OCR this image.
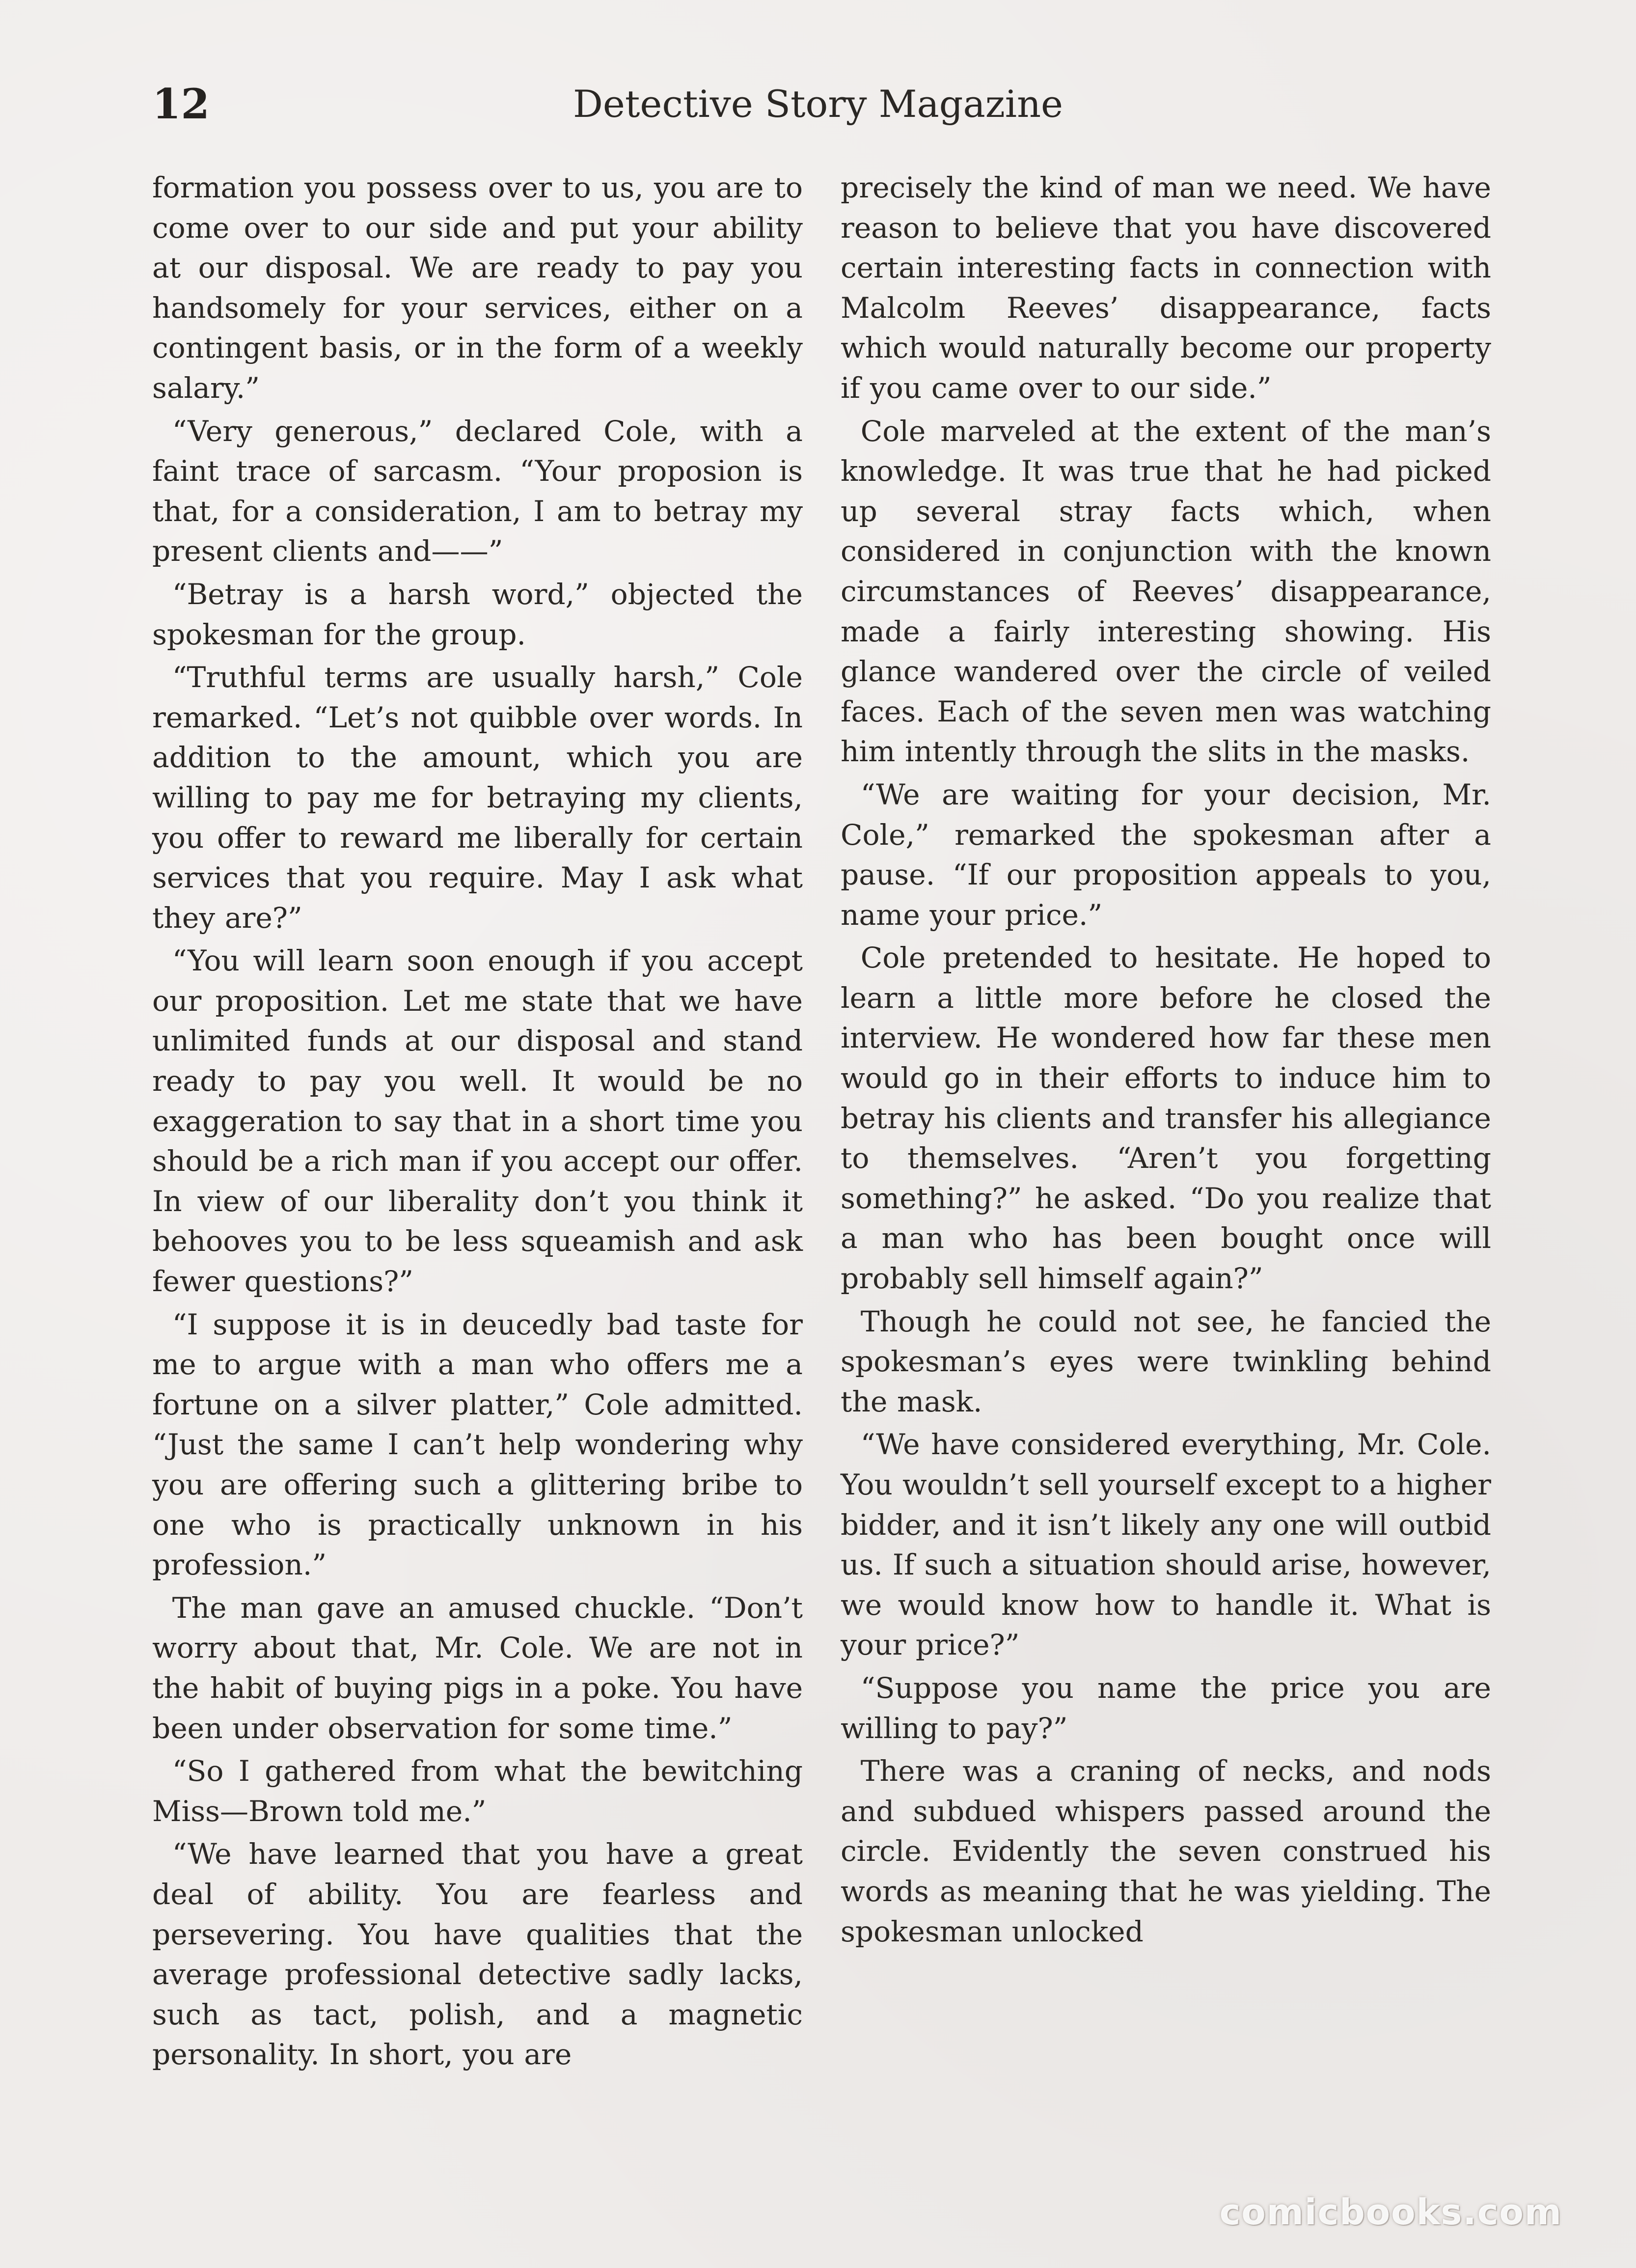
12	Detective Story Magazine

formation you possess over to us, you are to come over to our side and put your ability at our disposal. We are ready to pay you handsomely for your services, either on a contingent basis, or in the form of a weekly salary.”

“Very generous,” declared Cole, with a faint trace of sarcasm. “Your proposion is that, for a consideration, I am to betray my present clients and——”

“Betray is a harsh word,” objected the spokesman for the group.

“Truthful terms are usually harsh,” Cole remarked. “Let’s not quibble over words. In addition to the amount, which you are willing to pay me for betraying my clients, you offer to reward me liberally for certain services that you require. May I ask what they are?”

“You will learn soon enough if you accept our proposition. Let me state that we have unlimited funds at our disposal and stand ready to pay you well. It would be no exaggeration to say that in a short time you should be a rich man if you accept our offer. In view of our liberality don’t you think it behooves you to be less squeamish and ask fewer questions?”

“I suppose it is in deucedly bad taste for me to argue with a man who offers me a fortune on a silver platter,” Cole admitted. “Just the same I can’t help wondering why you are offering such a glittering bribe to one who is practically unknown in his profession.”

The man gave an amused chuckle. “Don’t worry about that, Mr. Cole. We are not in the habit of buying pigs in a poke. You have been under observation for some time.”

“So I gathered from what the bewitching Miss—Brown told me.”

“We have learned that you have a great deal of ability. You are fearless and persevering. You have qualities that the average professional detective sadly lacks, such as tact, polish, and a magnetic personality. In short, you are

precisely the kind of man we need. We have reason to believe that you have discovered certain interesting facts in connection with Malcolm Reeves’ disappearance, facts which would naturally become our property if you came over to our side.”

Cole marveled at the extent of the man’s knowledge. It was true that he had picked up several stray facts which, when considered in conjunction with the known circumstances of Reeves’ disappearance, made a fairly interesting showing. His glance wandered over the circle of veiled faces. Each of the seven men was watching him intently through the slits in the masks.

“We are waiting for your decision, Mr. Cole,” remarked the spokesman after a pause. “If our proposition appeals to you, name your price.”

Cole pretended to hesitate. He hoped to learn a little more before he closed the interview. He wondered how far these men would go in their efforts to induce him to betray his clients and transfer his allegiance to themselves. “Aren’t you forgetting something?” he asked. “Do you realize that a man who has been bought once will probably sell himself again?”

Though he could not see, he fancied the spokesman’s eyes were twinkling behind the mask.

“We have considered everything, Mr. Cole. You wouldn’t sell yourself except to a higher bidder, and it isn’t likely any one will outbid us. If such a situation should arise, however, we would know how to handle it. What is your price?”

“Suppose you name the price you are willing to pay?”

There was a craning of necks, and nods and subdued whispers passed around the circle. Evidently the seven construed his words as meaning that he was yielding. The spokesman unlocked

comicbooks.com
